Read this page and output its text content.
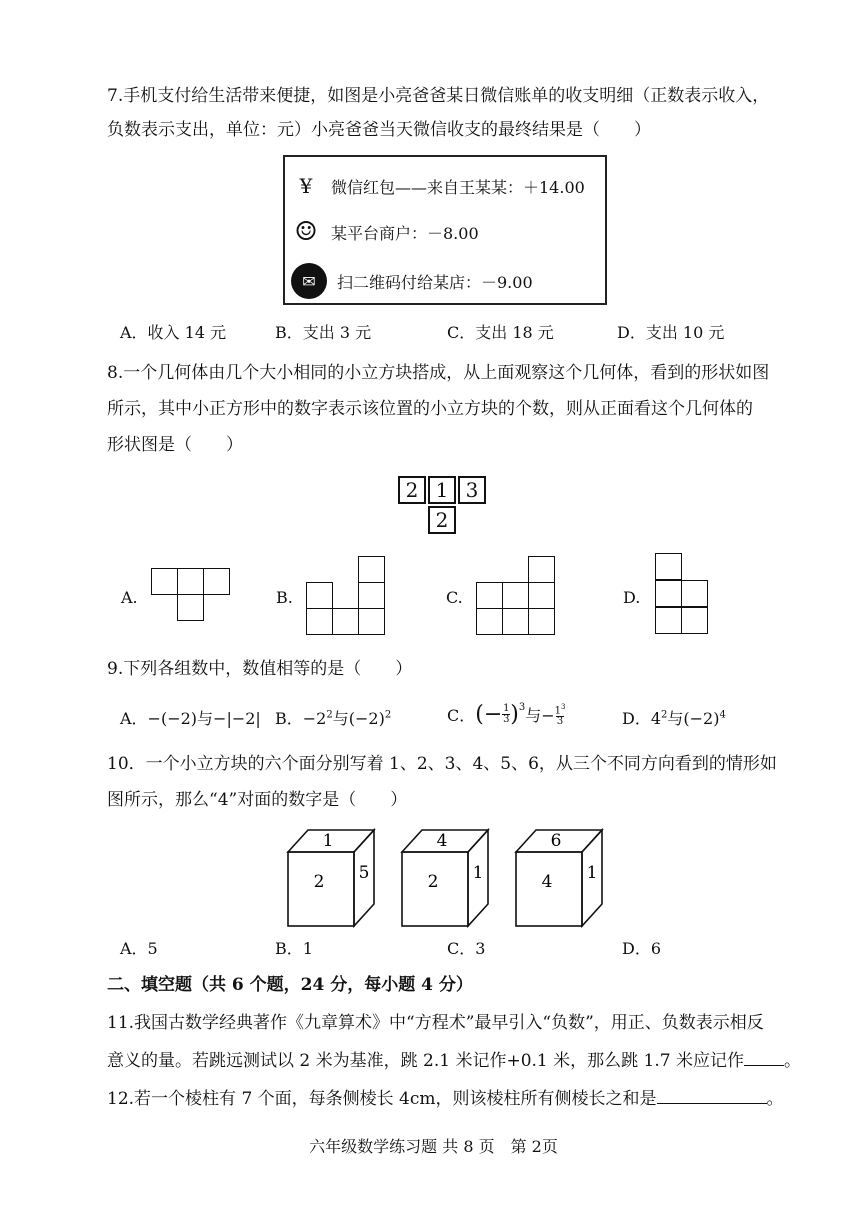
7.手机支付给生活带来便捷，如图是小亮爸爸某日微信账单的收支明细（正数表示收入，
负数表示支出，单位：元）小亮爸爸当天微信收支的最终结果是（　　）
¥	微信红包——来自王某某：＋14.00
☺ 某平台商户：－8.00
✉	扫二维码付给某店：－9.00
A．收入 14 元	B．支出 3 元	C．支出 18 元	D．支出 10 元
8.一个几何体由几个大小相同的小立方块搭成，从上面观察这个几何体，看到的形状如图
所示，其中小正方形中的数字表示该位置的小立方块的个数，则从正面看这个几何体的
形状图是（　　）
2 1 3
2
A.	B.	C.	D.
9.下列各组数中，数值相等的是（　　）
A．−(−2)与−|−2| B．$-2^2$与$(-2)^2$	C． (− $\frac{1}{3} )^3$ 与− $\frac{1^3}{3}$	D．$4^2$与$(-2)^4$
10．一个小立方块的六个面分别写着 1、2、3、4、5、6，从三个不同方向看到的情形如
图所示，那么“4”对面的数字是（　　）
1
2 5
4
2 1
6
4 1
A．5	B．1	C．3	D．6
二、填空题（共 6 个题，24 分，每小题 4 分）
11.我国古数学经典著作《九章算术》中“方程术”最早引入“负数”，用正、负数表示相反
意义的量。若跳远测试以 2 米为基准，跳 2.1 米记作+0.1 米，那么跳 1.7 米应记作 。
12.若一个棱柱有 7 个面，每条侧棱长 4cm，则该棱柱所有侧棱长之和是	。
六年级数学练习题 共 8 页　第 2页
